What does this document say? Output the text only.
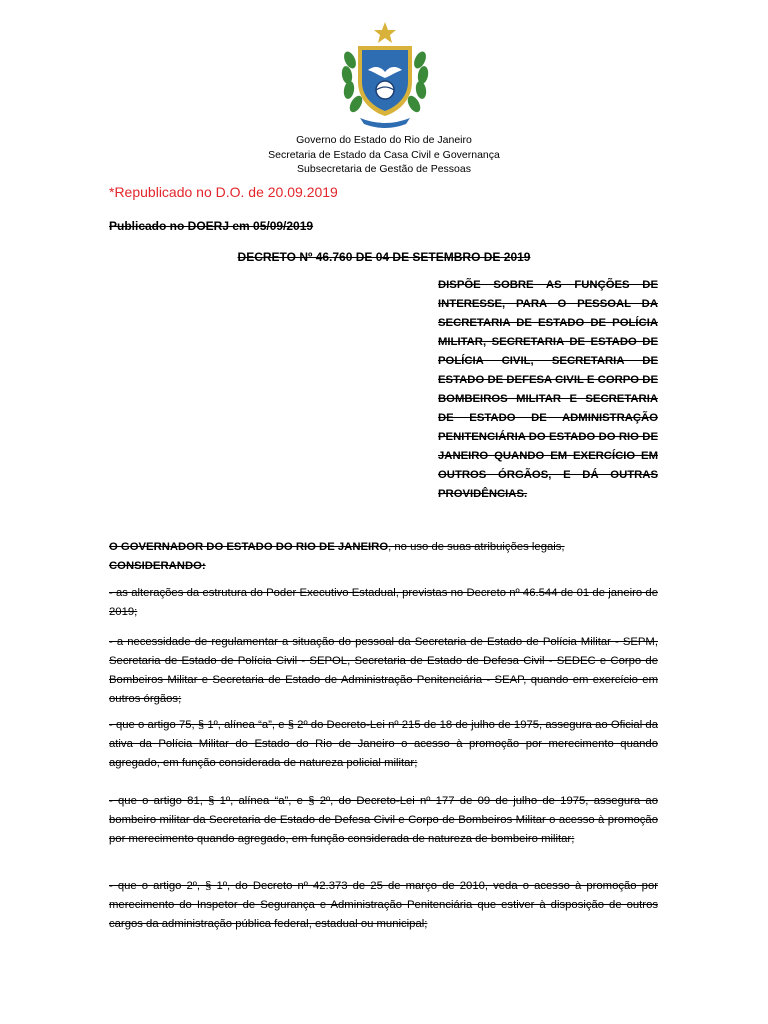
Governo do Estado do Rio de Janeiro
Secretaria de Estado da Casa Civil e Governança
Subsecretaria de Gestão de Pessoas
*Republicado no D.O. de 20.09.2019
Publicado no DOERJ em 05/09/2019
DECRETO Nº 46.760 DE 04 DE SETEMBRO DE 2019
DISPÕE SOBRE AS FUNÇÕES DE INTERESSE, PARA O PESSOAL DA SECRETARIA DE ESTADO DE POLÍCIA MILITAR, SECRETARIA DE ESTADO DE POLÍCIA CIVIL, SECRETARIA DE ESTADO DE DEFESA CIVIL E CORPO DE BOMBEIROS MILITAR E SECRETARIA DE ESTADO DE ADMINISTRAÇÃO PENITENCIÁRIA DO ESTADO DO RIO DE JANEIRO QUANDO EM EXERCÍCIO EM OUTROS ÓRGÃOS, E DÁ OUTRAS PROVIDÊNCIAS.
O GOVERNADOR DO ESTADO DO RIO DE JANEIRO, no uso de suas atribuições legais,
CONSIDERANDO:
- as alterações da estrutura do Poder Executivo Estadual, previstas no Decreto nº 46.544 de 01 de janeiro de 2019;
- a necessidade de regulamentar a situação do pessoal da Secretaria de Estado de Polícia Militar - SEPM, Secretaria de Estado de Polícia Civil - SEPOL, Secretaria de Estado de Defesa Civil - SEDEC e Corpo de Bombeiros Militar e Secretaria de Estado de Administração Penitenciária - SEAP, quando em exercício em outros órgãos;
- que o artigo 75, § 1º, alínea “a”, e § 2º do Decreto-Lei nº 215 de 18 de julho de 1975, assegura ao Oficial da ativa da Polícia Militar do Estado do Rio de Janeiro o acesso à promoção por merecimento quando agregado, em função considerada de natureza policial militar;
- que o artigo 81, § 1º, alínea “a”, e § 2º, do Decreto-Lei nº 177 de 09 de julho de 1975, assegura ao bombeiro militar da Secretaria de Estado de Defesa Civil e Corpo de Bombeiros Militar o acesso à promoção por merecimento quando agregado, em função considerada de natureza de bombeiro militar;
- que o artigo 2º, § 1º, do Decreto nº 42.373 de 25 de março de 2010, veda o acesso à promoção por merecimento do Inspetor de Segurança e Administração Penitenciária que estiver à disposição de outros cargos da administração pública federal, estadual ou municipal;
